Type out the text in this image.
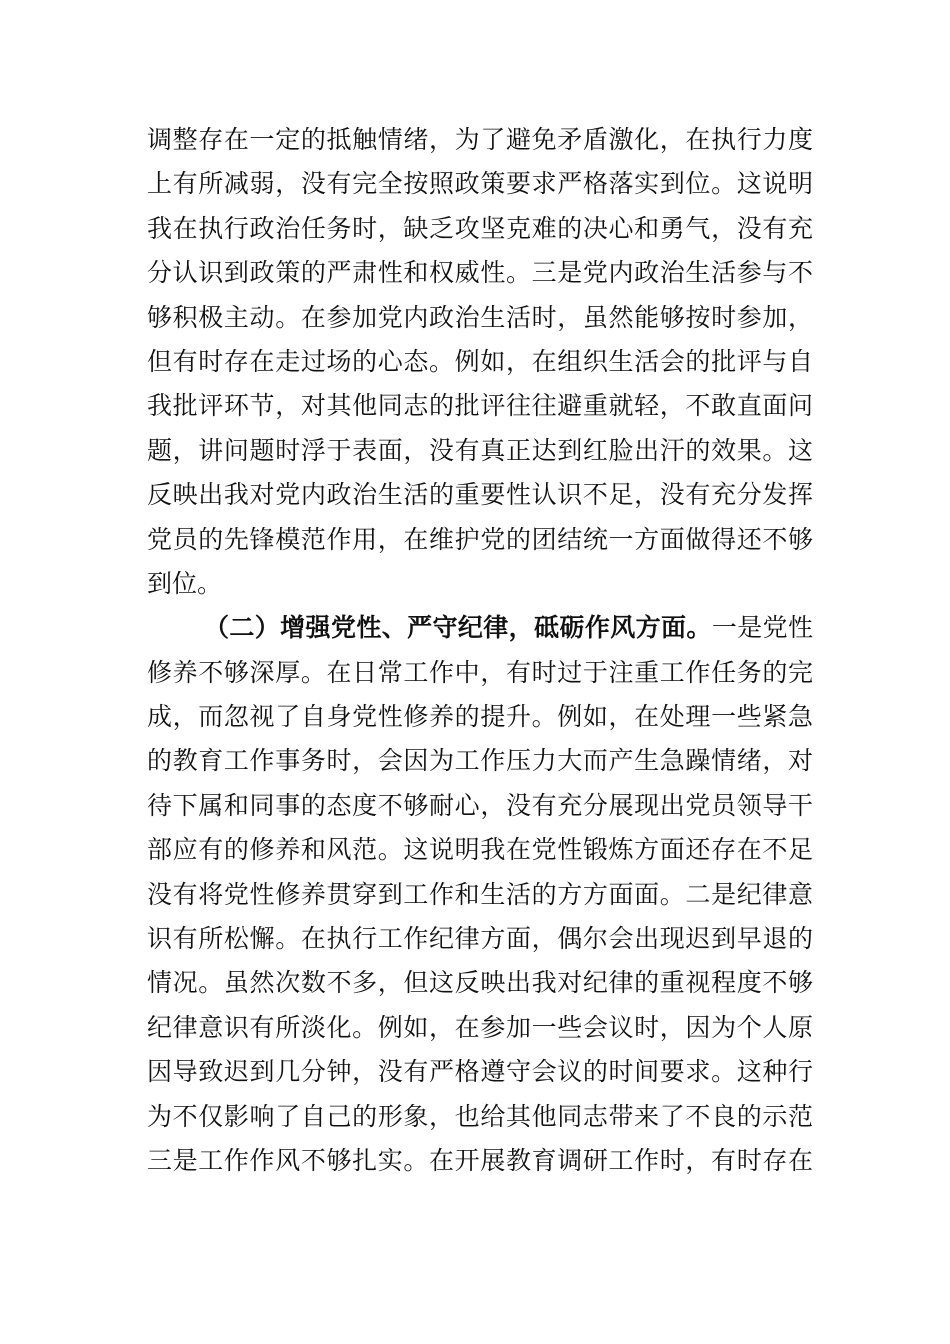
调整存在一定的抵触情绪，为了避免矛盾激化，在执行力度
上有所减弱，没有完全按照政策要求严格落实到位。这说明
我在执行政治任务时，缺乏攻坚克难的决心和勇气，没有充
分认识到政策的严肃性和权威性。三是党内政治生活参与不
够积极主动。在参加党内政治生活时，虽然能够按时参加，
但有时存在走过场的心态。例如，在组织生活会的批评与自
我批评环节，对其他同志的批评往往避重就轻，不敢直面问
题，讲问题时浮于表面，没有真正达到红脸出汗的效果。这
反映出我对党内政治生活的重要性认识不足，没有充分发挥
党员的先锋模范作用，在维护党的团结统一方面做得还不够
到位。
（二）增强党性、严守纪律，砥砺作风方面。一是党性
修养不够深厚。在日常工作中，有时过于注重工作任务的完
成，而忽视了自身党性修养的提升。例如，在处理一些紧急
的教育工作事务时，会因为工作压力大而产生急躁情绪，对
待下属和同事的态度不够耐心，没有充分展现出党员领导干
部应有的修养和风范。这说明我在党性锻炼方面还存在不足
没有将党性修养贯穿到工作和生活的方方面面。二是纪律意
识有所松懈。在执行工作纪律方面，偶尔会出现迟到早退的
情况。虽然次数不多，但这反映出我对纪律的重视程度不够
纪律意识有所淡化。例如，在参加一些会议时，因为个人原
因导致迟到几分钟，没有严格遵守会议的时间要求。这种行
为不仅影响了自己的形象，也给其他同志带来了不良的示范
三是工作作风不够扎实。在开展教育调研工作时，有时存在
